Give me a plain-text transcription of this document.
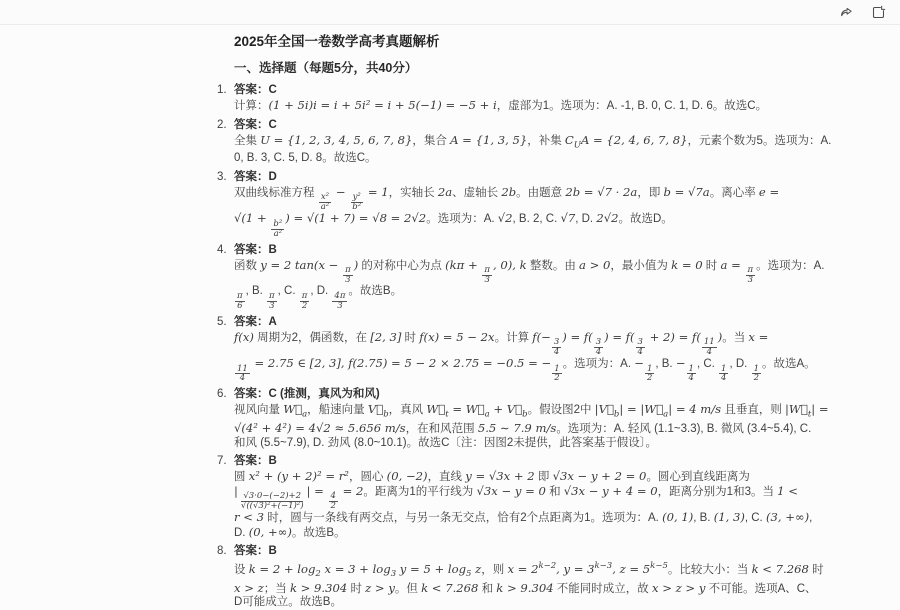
2025年全国一卷数学高考真题解析
一、选择题（每题5分，共40分）
1. 答案：C
计算：(1 + 5i)i = i + 5i² = i + 5(−1) = −5 + i，虚部为1。选项为：A. -1, B. 0, C. 1, D. 6。故选C。
2. 答案：C
全集 U = {1, 2, 3, 4, 5, 6, 7, 8}，集合 A = {1, 3, 5}，补集 $C_UA = \{2$, 4, 6, 7, 8}，元素个数为5。选项为：A.
0, B. 3, C. 5, D. 8。故选C。
3. 答案：D
双曲线标准方程
$\frac{\text{x²}}{\text{a²}}$
−
$\frac{\text{y²}}{\text{b²}}$
= 1，实轴长 2a、虚轴长 2b。由题意 2b = √7 · 2a，即 b = √7a。离心率 e =
√(1 +
$\frac{\text{b²}}{\text{a²}}$
) = √(1 + 7) = √8 = 2√2。选项为：A. √2, B. 2, C. √7, D. 2√2。故选D。
4. 答案：B
函数 y = 2 tan(x −
$\frac{\pi}{3}$
) 的对称中心为点 (kπ +
$\frac{\pi}{3}$
, 0), k 整数。由 a > 0，最小值为 k = 0 时 a =
$\frac{\pi}{3}$
。选项为：A.
$\frac{\pi}{6}$
, B.
$\frac{\pi}{3}$
, C.
$\frac{\pi}{2}$
, D.
$\frac{4\pi}{3}$
。故选B。
5. 答案：A
f(x) 周期为2，偶函数，在 [2, 3] 时 f(x) = 5 − 2x。计算 f(−
$\frac{3}{4}$
) = f(
$\frac{3}{4}$
) = f(
$\frac{3}{4}$
+ 2) = f(
$\frac{11}{4}$
)。当 x =
$\frac{11}{4}$
= 2.75 ∈ [2, 3], f(2.75) = 5 − 2 × 2.75 = −0.5 = −
$\frac{1}{2}$
。选项为：A. −
$\frac{1}{2}$
, B. −
$\frac{1}{4}$
, C.
$\frac{1}{4}$
, D.
$\frac{1}{2}$
。故选A。
6. 答案：C (推测，真风为和风)
视风向量 $W⃗_a$，船速向量 $V⃗_b$，真风 $W⃗_t$ = $W⃗_a$ + $V⃗_b$。假设图2中 $|V⃗_b|$ = $|W⃗_a| = 4$ m/s 且垂直，则 $|W⃗_t|$ =
√(4² + 4²) = 4√2 ≈ 5.656 m/s，在和风范围 5.5 ∼ 7.9 m/s。选项为：A. 轻风 (1.1~3.3), B. 微风 (3.4~5.4), C.
和风 (5.5~7.9), D. 劲风 (8.0~10.1)。故选C〔注：因图2未提供，此答案基于假设〕。
7. 答案：B
圆 x² + (y + 2)² = r²，圆心 (0, −2)，直线 y = √3x + 2 即 √3x − y + 2 = 0。圆心到直线距离为
|
$\frac{√3\cdot 0-(-2)+2}{\text{√((√3)²+(−1)²)}}$
| =
$\frac{4}{2}$
= 2。距离为1的平行线为 √3x − y = 0 和 √3x − y + 4 = 0，距离分别为1和3。当 1 <
r < 3 时，圆与一条线有两交点，与另一条无交点，恰有2个点距离为1。选项为：A. (0, 1), B. (1, 3), C. (3, +∞),
D. (0, +∞)。故选B。
8. 答案：B
设 $k = 2 + \log_2 x = 3 + \log_3 y = 5 + \log_5 z$，则 $x = 2^{k-2}$, $y = 3^{k-3}$, $z = 5^{k-5}$。比较大小：当 k < 7.268 时
x > z；当 k > 9.304 时 z > y。但 k < 7.268 和 k > 9.304 不能同时成立，故 x > z > y 不可能。选项A、C、
D可能成立。故选B。
